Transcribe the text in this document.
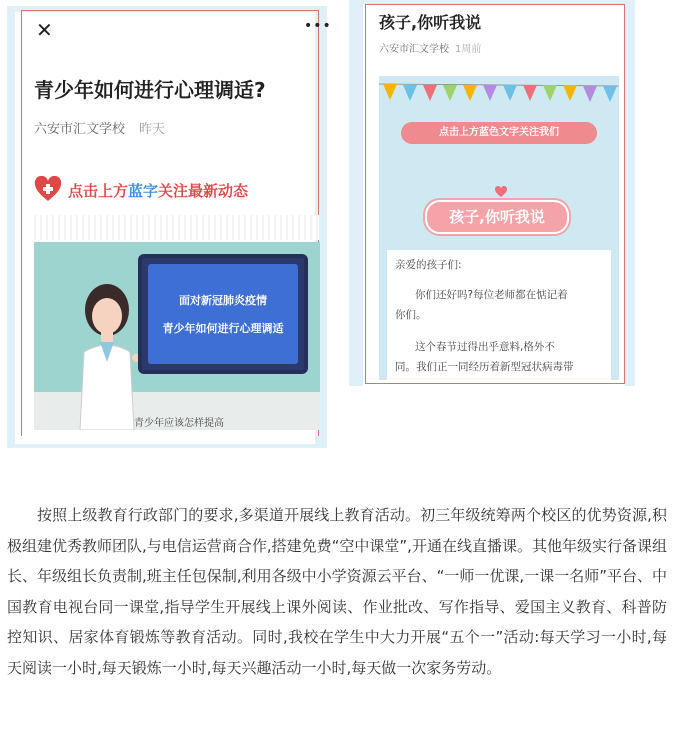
✕	•••
青少年如何进行心理调适?
六安市汇文学校 昨天
点击上方蓝字关注最新动态
面对新冠肺炎疫情
青少年如何进行心理调适
青少年应该怎样提高
孩子,你听我说
六安市汇文学校 1周前
点击上方蓝色文字关注我们
孩子,你听我说

亲爱的孩子们:

你们还好吗?每位老师都在惦记着

你们。

这个春节过得出乎意料,格外不

同。我们正一同经历着新型冠状病毒带

按照上级教育行政部门的要求,多渠道开展线上教育活动。初三年级统筹两个校区的优势资源,积极组建优秀教师团队,与电信运营商合作,搭建免费“空中课堂”,开通在线直播课。其他年级实行备课组长、年级组长负责制,班主任包保制,利用各级中小学资源云平台、“一师一优课,一课一名师”平台、中国教育电视台同一课堂,指导学生开展线上课外阅读、作业批改、写作指导、爱国主义教育、科普防控知识、居家体育锻炼等教育活动。同时,我校在学生中大力开展“五个一”活动:每天学习一小时,每天阅读一小时,每天锻炼一小时,每天兴趣活动一小时,每天做一次家务劳动。
